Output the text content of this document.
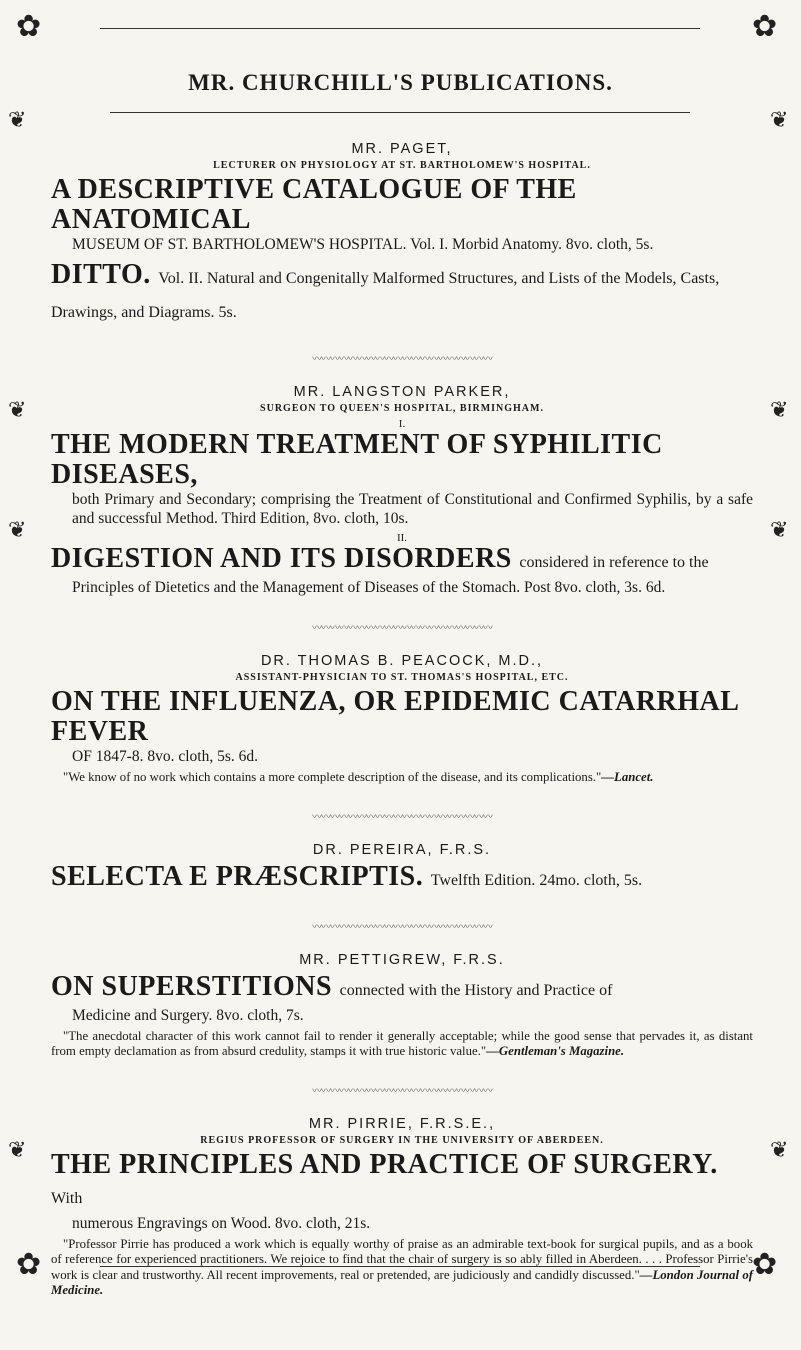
✿	✿
MR. CHURCHILL'S PUBLICATIONS.
❦	❦
❦	❦
❦	❦
❦	❦

MR. PAGET,

LECTURER ON PHYSIOLOGY AT ST. BARTHOLOMEW'S HOSPITAL.

A DESCRIPTIVE CATALOGUE OF THE ANATOMICAL

MUSEUM OF ST. BARTHOLOMEW'S HOSPITAL. Vol. I. Morbid Anatomy. 8vo. cloth, 5s.

DITTO. Vol. II. Natural and Congenitally Malformed Structures, and Lists of the Models, Casts, Drawings, and Diagrams. 5s.

〰〰〰〰〰〰〰〰〰〰〰〰〰〰〰〰〰〰〰〰

MR. LANGSTON PARKER,

SURGEON TO QUEEN'S HOSPITAL, BIRMINGHAM.

I.

THE MODERN TREATMENT OF SYPHILITIC DISEASES,

both Primary and Secondary; comprising the Treatment of Constitutional and Confirmed Syphilis, by a safe and successful Method. Third Edition, 8vo. cloth, 10s.

II.

DIGESTION AND ITS DISORDERS considered in reference to the

Principles of Dietetics and the Management of Diseases of the Stomach. Post 8vo. cloth, 3s. 6d.

〰〰〰〰〰〰〰〰〰〰〰〰〰〰〰〰〰〰〰〰

DR. THOMAS B. PEACOCK, M.D.,

ASSISTANT-PHYSICIAN TO ST. THOMAS'S HOSPITAL, ETC.

ON THE INFLUENZA, OR EPIDEMIC CATARRHAL FEVER

OF 1847-8. 8vo. cloth, 5s. 6d.

"We know of no work which contains a more complete description of the disease, and its complications."—Lancet.

〰〰〰〰〰〰〰〰〰〰〰〰〰〰〰〰〰〰〰〰

DR. PEREIRA, F.R.S.

SELECTA E PRÆSCRIPTIS. Twelfth Edition. 24mo. cloth, 5s.

〰〰〰〰〰〰〰〰〰〰〰〰〰〰〰〰〰〰〰〰

MR. PETTIGREW, F.R.S.

ON SUPERSTITIONS connected with the History and Practice of

Medicine and Surgery. 8vo. cloth, 7s.

"The anecdotal character of this work cannot fail to render it generally acceptable; while the good sense that pervades it, as distant from empty declamation as from absurd credulity, stamps it with true historic value."—Gentleman's Magazine.

〰〰〰〰〰〰〰〰〰〰〰〰〰〰〰〰〰〰〰〰

MR. PIRRIE, F.R.S.E.,

REGIUS PROFESSOR OF SURGERY IN THE UNIVERSITY OF ABERDEEN.

THE PRINCIPLES AND PRACTICE OF SURGERY. With

numerous Engravings on Wood. 8vo. cloth, 21s.

"Professor Pirrie has produced a work which is equally worthy of praise as an admirable text-book for surgical pupils, and as a book of reference for experienced practitioners. We rejoice to find that the chair of surgery is so ably filled in Aberdeen. . . . Professor Pirrie's work is clear and trustworthy. All recent improvements, real or pretended, are judiciously and candidly discussed."—London Journal of Medicine.

✿	✿
